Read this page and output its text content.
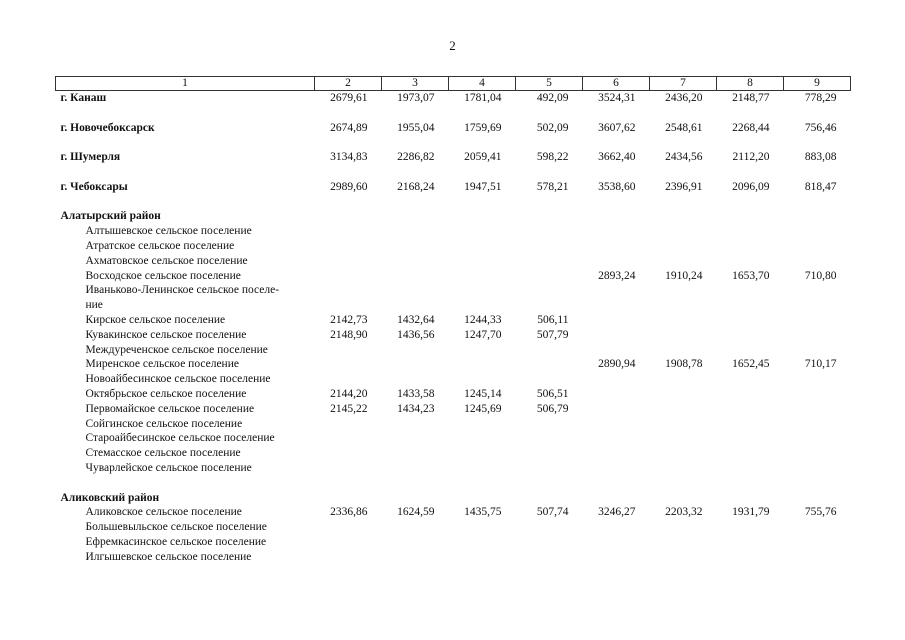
2
1	2	3	4	5	6	7	8	9
г. Канаш	2679,61	1973,07	1781,04	492,09	3524,31	2436,20	2148,77	778,29

г. Новочебоксарск	2674,89	1955,04	1759,69	502,09	3607,62	2548,61	2268,44	756,46

г. Шумерля	3134,83	2286,82	2059,41	598,22	3662,40	2434,56	2112,20	883,08

г. Чебоксары	2989,60	2168,24	1947,51	578,21	3538,60	2396,91	2096,09	818,47

Алатырский район								
Алтышевское сельское поселение								
Атратское сельское поселение								
Ахматовское сельское поселение								
Восходское сельское поселение					2893,24	1910,24	1653,70	710,80
Иваньково-Ленинское сельское поселе-								
ние								
Кирское сельское поселение	2142,73	1432,64	1244,33	506,11				
Кувакинское сельское поселение	2148,90	1436,56	1247,70	507,79				
Междуреченское сельское поселение								
Миренское сельское поселение					2890,94	1908,78	1652,45	710,17
Новоайбесинское сельское поселение								
Октябрьское сельское поселение	2144,20	1433,58	1245,14	506,51				
Первомайское сельское поселение	2145,22	1434,23	1245,69	506,79				
Сойгинское сельское поселение								
Староайбесинское сельское поселение								
Стемасское сельское поселение								
Чуварлейское сельское поселение								

Аликовский район								
Аликовское сельское поселение	2336,86	1624,59	1435,75	507,74	3246,27	2203,32	1931,79	755,76
Большевыльское сельское поселение								
Ефремкасинское сельское поселение								
Илгышевское сельское поселение								
